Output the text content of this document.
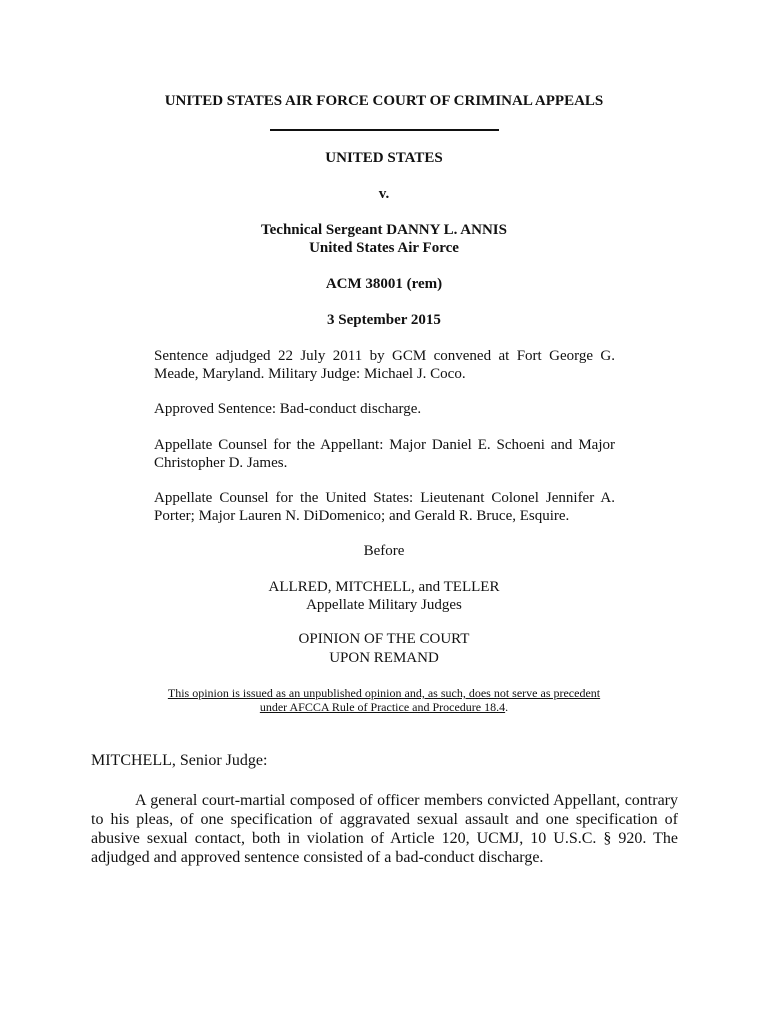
UNITED STATES AIR FORCE COURT OF CRIMINAL APPEALS

UNITED STATES

v.

Technical Sergeant DANNY L. ANNIS

United States Air Force

ACM 38001 (rem)

3 September 2015

Sentence adjudged 22 July 2011 by GCM convened at Fort George G. Meade, Maryland. Military Judge: Michael J. Coco.

Approved Sentence: Bad-conduct discharge.

Appellate Counsel for the Appellant: Major Daniel E. Schoeni and Major Christopher D. James.

Appellate Counsel for the United States: Lieutenant Colonel Jennifer A. Porter; Major Lauren N. DiDomenico; and Gerald R. Bruce, Esquire.

Before

ALLRED, MITCHELL, and TELLER

Appellate Military Judges

OPINION OF THE COURT

UPON REMAND

This opinion is issued as an unpublished opinion and, as such, does not serve as precedent
under AFCCA Rule of Practice and Procedure 18.4.

MITCHELL, Senior Judge:

A general court-martial composed of officer members convicted Appellant, contrary to his pleas, of one specification of aggravated sexual assault and one specification of abusive sexual contact, both in violation of Article 120, UCMJ, 10 U.S.C. § 920. The adjudged and approved sentence consisted of a bad-conduct discharge.
